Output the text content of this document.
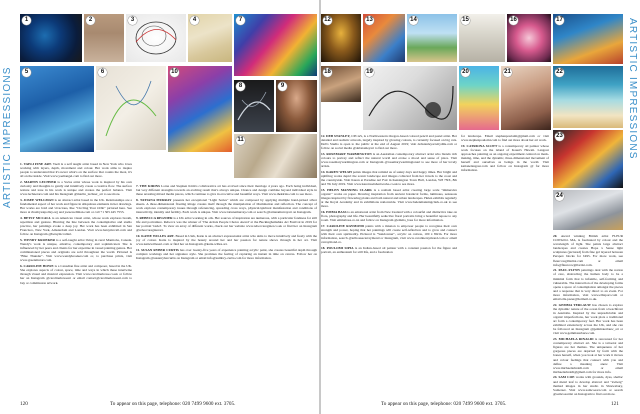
ARTISTIC IMPRESSIONS
1	2	3	4
5	6
7
8	9
10
11

1. VAELI FINE ART. Vaeli is a self taught artist based in New York who loves working with layers, depth, movement and colour. Her work aims to inspire people to understand that it's never what's on the surface that counts the most, it's all on the inside. Visit www.yaeliangel.com to find out more.

2. MARTIN LECHNER is a Swiss artist whose work is inspired by his own curiosity and thoughts to gently and intuitively create a creative flow. The surface texture and tone in his work is unique and creates the perfect balance. Visit www.lechnerart.com and his Instagram @martin_lechner_art to see more.

3. JOSEE WELLMAN is an abstract artist based in the UK. Relationships are a fundamental aspect of her work and figure in ubiquitous elements in her drawings. Her works are bold and vivacious, like "Circling Your Orbit" pictured here. See more at rhonbysaipolley.org and jozeewellman.com or call +1 505 445 7555.

4. BETSY MCCALL is an American visual artist, whose work explores breath, repetition and gesture. Blurring the line between the contemplative and studio practice, her paintings evoke a deep joy. Her work has been exhibited in San Francisco, New York, Amsterdam and London. Visit www.betsymccall.com and follow on Instagram @betsymccallart.

5. WENDY KROEKER is a self-taught artist living in rural Manitoba, Canada. Wendy's work is unique, emotive, contemporary and sophisticated. She is influenced by her peers and clients for her expertise in vessel painting genres. Her commissioned pieces and originals are sold throughout the world. Pictured is "Blue Thunder". Visit www.wendykroeker.com or, to purchase prints, visit www.greenmurart.com.

6. CAROLINE HOWE is a Canadian fine artist and composer, based in the UK. She explores aspects of colour, space, time and ways in which these intertwine through visual and musical expression. Visit www.carolinehowe.co.uk or follow her on Instagram @carolinehoweart or email contact@carolinehoweart.com to buy or commission artwork.

7. THE KIRINS Lorna and Stephen Kirin's collaborative art has evolved since their marriage 4 years ago. Each being individual, but very different strengths towards an exciting result that's always unique. Chance and design combine beyond individual style in these arresting mixed media pieces, which continue to give in evocative and beautiful ways. Visit www.thekirins.com to see more.

8. TATIANA MURRAY presents her exceptional "Light Series" which are composed by applying multiple hand-picked silver sheets. A three-dimensional floating image creates itself through the manipulation of illumination and reflection. The concept of work explores contemporary issues through referencing, spreading cross ways, physical/spiritual manifestation and conditions of interactivity, identity and fertility. Each work is unique. Visit www.tatianamurray.com or search @tatianamurrayart on Instagram.

9. REBECCA REGNIER is a UK artist working in oils. Her sources of inspiration are numerous, with a particular fondness for still life and portraiture. Rebecca was the winner of 'The Artists People Choice Award' at the Buckinghamshire Art Festival in 2019 for her portrait 'Gidel'. To view an array of different works, check out her website www.rebeccaregnier.co.uk or find her on Instagram @rebeccaregnierart.

10. KATIE WILLES ART. Based in Utah, Katie is an abstract expressionist artist who aims to move intuitively and freely with the joy of colour. Katie is inspired by the beauty around her and her passion for nature shows through in her art. Visit www.katiewillesart.com or find her on Instagram @katie.willes.art.

11. SUSAN RYBER CURTIS has over twenty-five years of experience painting acrylic paint, she creates beautiful depth through complex workings and her signature style. She promises the feeling of capturing an instant in time on canvas. Follow her on Instagram @susanrybercurtis on Instagram or email info@sumbry-curtis.com for more information.

120	To appear on this page, telephone: 020 7499 9600 ext. 3705.
ARTISTIC IMPRESSIONS
12	13	14	15	16	17
18	19	20	21	22
23
24

12. DEB STANLEY, CPCAS, is a Northwestern Oregon-based colored pencil and pastel artist. Her detailed and realistic artwork, largely inspired by glowing colours, is currently focused on big cats. Deb's Studio is open to the public at the end of August 2019; visit debstanleyart.mydtik.com or follow on social media @debstanleyart to find out more.

13. ROSEMARY WARMINGTON is an Australian contemporary abstract artist who blends rich colours to portray and reflect the natural world and evoke a mood and sense of place. Visit www.rosemarywarmington.com or Instagram @rosemarywarmingtonart to see more of her lovely artists.

14. KAREN WELSH paints images that remind us of sunny days and happy times. Her bright and uplifting works depict the scenic landscape and images collected from her travels to the coast and the countryside. Visit Karen at Paradise Art Fair in Kensington Town Hall, London, W8 7NX, 8th and 7th July 2019. Visit www.karenwelshartworks.co.uk to see more.

15. HELEN MANNING CLARK is a realism based artist creating large scale "immersive organic" works on paper. Drawing inspiration from ancient botanical forms, luminous, sensuous images inspired by flowering plants and both natural and urban landscapes. Helen exhibits regularly at the Royal Academy and in exhibitions nationwide. Visit www.helenmanningclark.co.uk to see more.

16. EMMA BASS is an emotional artist from New Zealand with a colourful and distinctive take on flora, photography and life. Her beautifully seductive floral portraits bring a beautiful repose to any room. Visit emmabass.co.nz and follow on Instagram @emma_bass for more information.

17. CAROLINE RAYMOND paints with a mission to empower people to recognise their own strength and power, hoping that her paintings will create self-reflection and to grow and connect with their own spirituality. Pictured is "Sundowner", acrylic on canvas, 100 x 80cm. For more information, search @arthousecarraymond or Instagram, visit www.carolineraymond.com or email carraymond.co.

18. POULOMI SIPIA is an Indian-based oil painter with a constant passion for the figure and portrait, an enthusiasm for still life, and a fascination

for landscape. Email stephenpoulomi@gmail.com or visit www.stephenpoulomi.com to find out more about her art work.

19. CATRIONA SCOTT is a contemporary oil painter whose work focuses on the island of Kauai's Hawaii. Langour approaches painting as an ongoing experiment centred on mark-making, time, and the dynamic, three-dimensional movement of herself and ourselves as beings in the world. Visit katianelangour.com and follow on Instagram @ for more information.

20. Award winning British artist FLEUR COWGILL MA, is fascinated by colour and the wavelength of light. She paints large abstract landscapes and creates Hope x Sense light sculptures (pictured) from fine gel layered between Perspex blocks for £495. For more work, see fleurcowgillartist.com or email info@fleurcowgillartist.com.

21. PAUL FLYNN paintings deal with the notion of care, abstracting the human body to be a minimal form that is infantile, self-forming and vulnerable. The interaction of the developing forms opens a space of contemplation amongst the pieces and a response that is very direct to an event. For more information, visit www.elliaport.com or email elle.pazer@hotmail.co.uk.

22. GEMMA TERLAUW has chosen to explore the dynamic nature of the ocean from a beachfront in Australia. Inspired by the unpredictable and organic imperfections, her work plots a traditional art form a contemporary feel. Her work has been exhibited extensively across the UK, and she can be followed on Instagram @gemmaterlauw_art or visit www.gemmaterlauw.com.

23. MICHAELA RINALDI is renowned for her contemporary abstract art. She is a tattooist and figures are her themes. The uniqueness of her gorgeous pieces are depicted by form with the bones herself, when you look at her work it moves and colour feelings that connect with you and define a meaning anew. Visit www.michaelarinaldi.com or email michaelarinaldi@gmail.com for more info.

24. SAM COE works with grounds, dyes, shellac and metal leaf to develop abstract and "iceberg" themed images in her studio in Shrewsbury, Somerset. Visit www.samcoeart.com or search @samcoeartist on Instagram to find out more.

To appear on this page, telephone: 020 7499 9600 ext. 3705.	121
